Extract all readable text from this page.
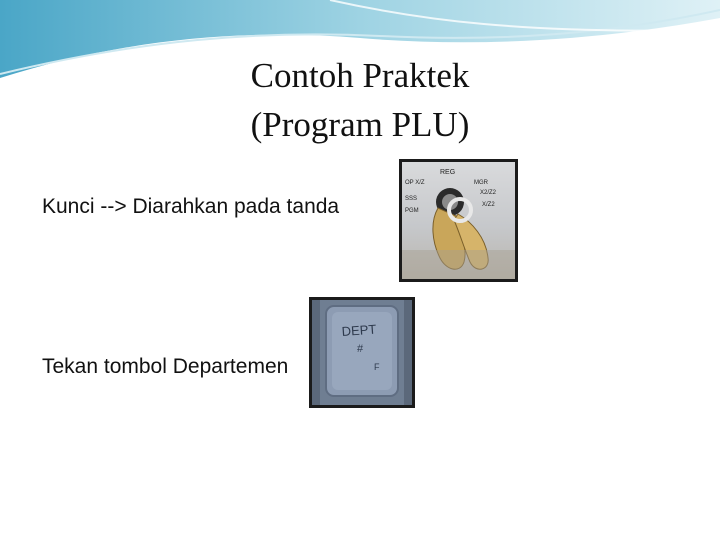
Contoh Praktek
(Program PLU)
Kunci --> Diarahkan pada tanda
Tekan tombol Departemen
REG
OP X/Z	MGR
SSS
X2/Z2
PGM
X/Z2
DEPT
#
F
